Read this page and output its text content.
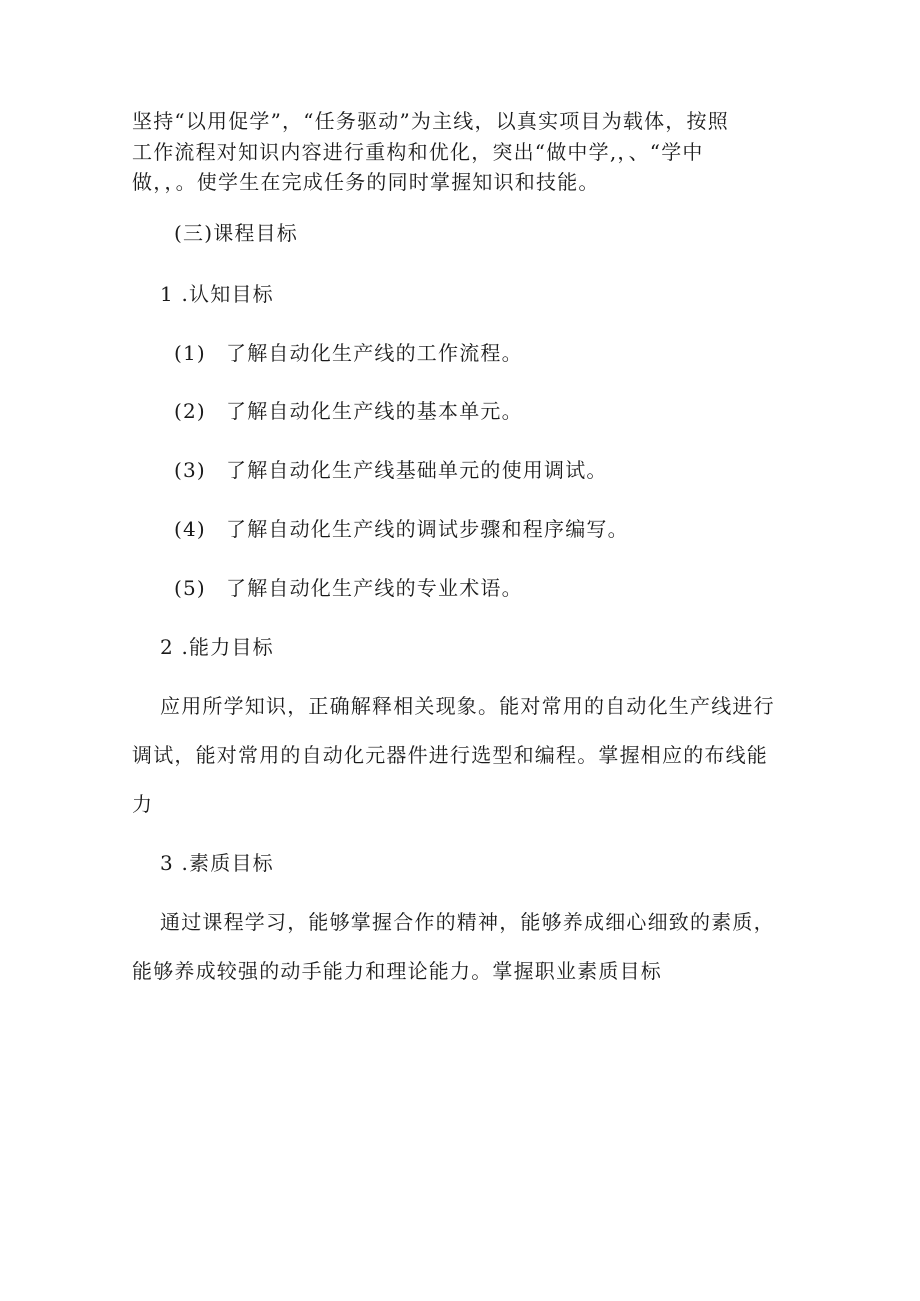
坚持“以用促学”，“任务驱动”为主线，以真实项目为载体，按照
工作流程对知识内容进行重构和优化，突出“做中学,，、“学中
做，，。使学生在完成任务的同时掌握知识和技能。
(三)课程目标
1 .认知目标
(1) 了解自动化生产线的工作流程。
(2) 了解自动化生产线的基本单元。
(3) 了解自动化生产线基础单元的使用调试。
(4) 了解自动化生产线的调试步骤和程序编写。
(5) 了解自动化生产线的专业术语。
2 .能力目标
应用所学知识，正确解释相关现象。能对常用的自动化生产线进行
调试，能对常用的自动化元器件进行选型和编程。掌握相应的布线能
力
3 .素质目标
通过课程学习，能够掌握合作的精神，能够养成细心细致的素质，
能够养成较强的动手能力和理论能力。掌握职业素质目标
